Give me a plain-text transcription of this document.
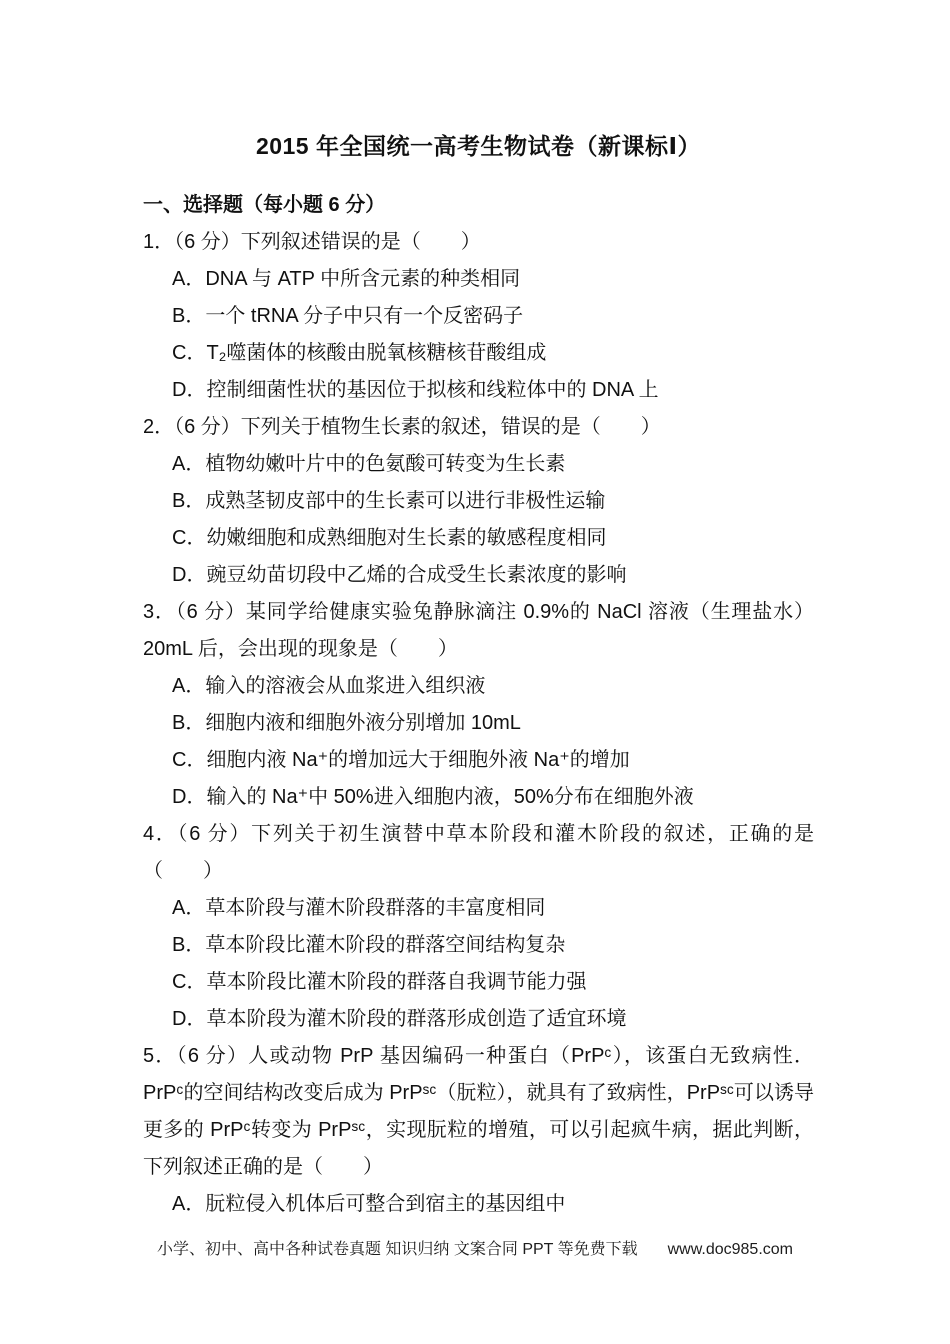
2015 年全国统一高考生物试卷（新课标Ⅰ）
一、选择题（每小题 6 分）

1．（6 分）下列叙述错误的是（　　）

A．DNA 与 ATP 中所含元素的种类相同

B．一个 tRNA 分子中只有一个反密码子

C．T₂噬菌体的核酸由脱氧核糖核苷酸组成

D．控制细菌性状的基因位于拟核和线粒体中的 DNA 上

2．（6 分）下列关于植物生长素的叙述，错误的是（　　）

A．植物幼嫩叶片中的色氨酸可转变为生长素

B．成熟茎韧皮部中的生长素可以进行非极性运输

C．幼嫩细胞和成熟细胞对生长素的敏感程度相同

D．豌豆幼苗切段中乙烯的合成受生长素浓度的影响

3．（6 分）某同学给健康实验兔静脉滴注 0.9%的 NaCl 溶液（生理盐水）20mL 后，会出现的现象是（　　）

A．输入的溶液会从血浆进入组织液

B．细胞内液和细胞外液分别增加 10mL

C．细胞内液 Na⁺的增加远大于细胞外液 Na⁺的增加

D．输入的 Na⁺中 50%进入细胞内液，50%分布在细胞外液

4．（6 分）下列关于初生演替中草本阶段和灌木阶段的叙述，正确的是（　　）

A．草本阶段与灌木阶段群落的丰富度相同

B．草本阶段比灌木阶段的群落空间结构复杂

C．草本阶段比灌木阶段的群落自我调节能力强

D．草本阶段为灌木阶段的群落形成创造了适宜环境

5．（6 分）人或动物 PrP 基因编码一种蛋白（PrPᶜ），该蛋白无致病性．PrPᶜ的空间结构改变后成为 PrPˢᶜ（朊粒），就具有了致病性，PrPˢᶜ可以诱导更多的 PrPᶜ转变为 PrPˢᶜ，实现朊粒的增殖，可以引起疯牛病，据此判断，下列叙述正确的是（　　）

A．朊粒侵入机体后可整合到宿主的基因组中

小学、初中、高中各种试卷真题 知识归纳 文案合同 PPT 等免费下载 www.doc985.com
